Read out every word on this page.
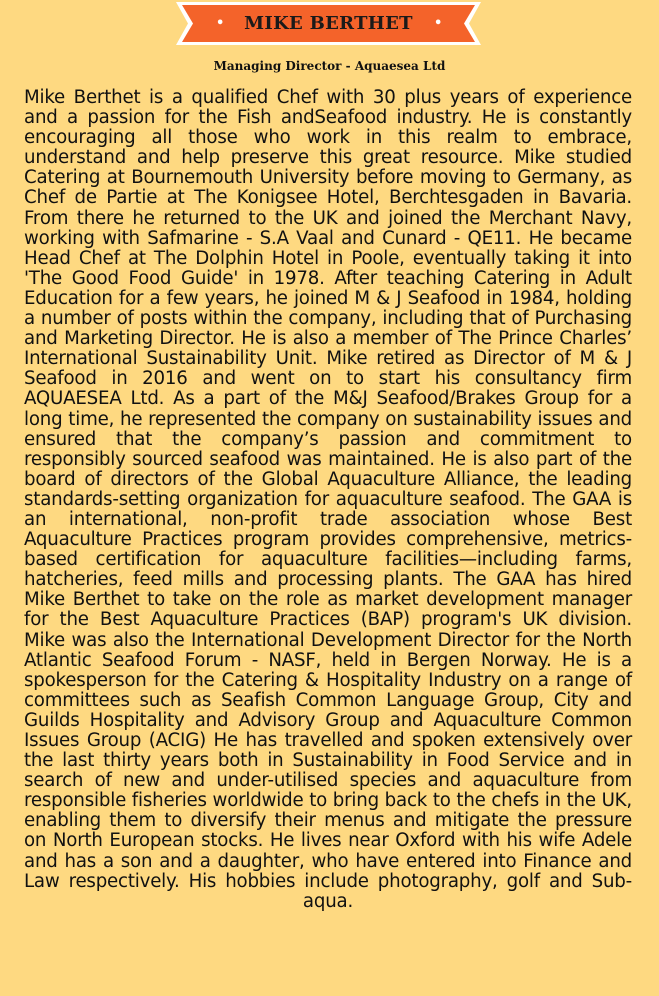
•	MIKE BERTHET	•
Managing Director - Aquaesea Ltd

Mike Berthet is a qualified Chef with 30 plus years of experience and a passion for the Fish andSeafood industry. He is constantly encouraging all those who work in this realm to embrace, understand and help preserve this great resource. Mike studied Catering at Bournemouth University before moving to Germany, as Chef de Partie at The Konigsee Hotel, Berchtesgaden in Bavaria. From there he returned to the UK and joined the Merchant Navy, working with Safmarine - S.A Vaal and Cunard - QE11. He became Head Chef at The Dolphin Hotel in Poole, eventually taking it into 'The Good Food Guide' in 1978. After teaching Catering in Adult Education for a few years, he joined M & J Seafood in 1984, holding a number of posts within the company, including that of Purchasing and Marketing Director. He is also a member of The Prince Charles’ International Sustainability Unit. Mike retired as Director of M & J Seafood in 2016 and went on to start his consultancy firm AQUAESEA Ltd. As a part of the M&J Seafood/Brakes Group for a long time, he represented the company on sustainability issues and ensured that the company’s passion and commitment to responsibly sourced seafood was maintained. He is also part of the board of directors of the Global Aquaculture Alliance, the leading standards-setting organization for aquaculture seafood. The GAA is an international, non-profit trade association whose Best Aquaculture Practices program provides comprehensive, metrics-based certification for aquaculture facilities—including farms, hatcheries, feed mills and processing plants. The GAA has hired Mike Berthet to take on the role as market development manager for the Best Aquaculture Practices (BAP) program's UK division. Mike was also the International Development Director for the North Atlantic Seafood Forum - NASF, held in Bergen Norway. He is a spokesperson for the Catering & Hospitality Industry on a range of committees such as Seafish Common Language Group, City and Guilds Hospitality and Advisory Group and Aquaculture Common Issues Group (ACIG) He has travelled and spoken extensively over the last thirty years both in Sustainability in Food Service and in search of new and under-utilised species and aquaculture from responsible fisheries worldwide to bring back to the chefs in the UK, enabling them to diversify their menus and mitigate the pressure on North European stocks. He lives near Oxford with his wife Adele and has a son and a daughter, who have entered into Finance and Law respectively. His hobbies include photography, golf and Sub-aqua.
